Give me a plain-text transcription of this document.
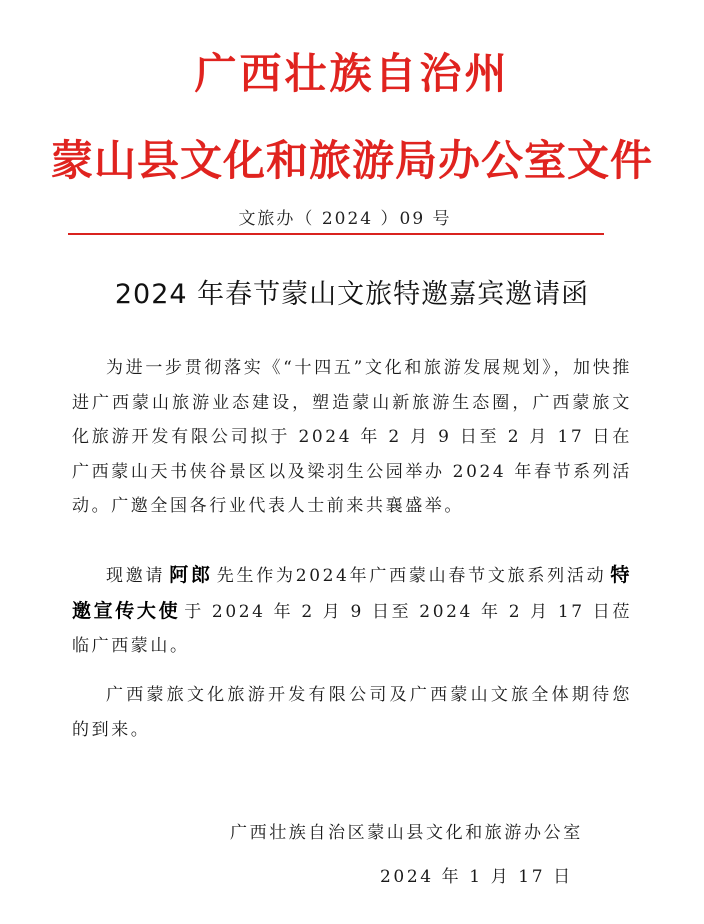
广西壮族自治州
蒙山县文化和旅游局办公室文件
文旅办（ 2024 ）09 号
2024 年春节蒙山文旅特邀嘉宾邀请函
为进一步贯彻落实《“十四五”文化和旅游发展规划》，加快推进广西蒙山旅游业态建设，塑造蒙山新旅游生态圈，广西蒙旅文化旅游开发有限公司拟于 2024 年 2 月 9 日至 2 月 17 日在广西蒙山天书侠谷景区以及梁羽生公园举办 2024 年春节系列活动。广邀全国各行业代表人士前来共襄盛举。
现邀请 阿郎 先生作为2024年广西蒙山春节文旅系列活动 特邀宣传大使 于 2024 年 2 月 9 日至 2024 年 2 月 17 日莅临广西蒙山。
广西蒙旅文化旅游开发有限公司及广西蒙山文旅全体期待您的到来。
广西壮族自治区蒙山县文化和旅游办公室
2024 年 1 月 17 日
